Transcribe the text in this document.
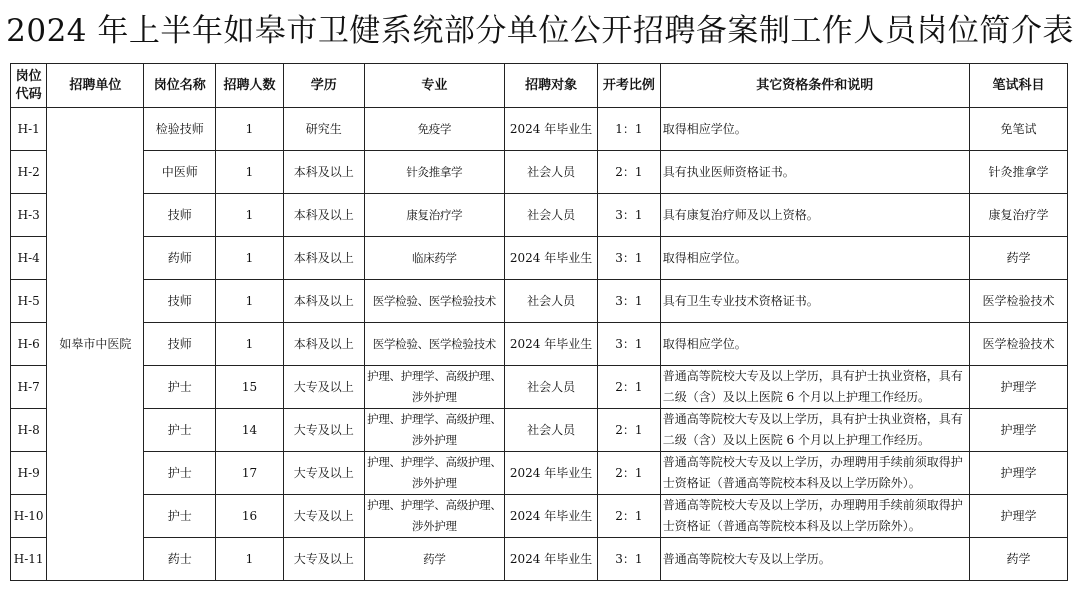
2024 年上半年如皋市卫健系统部分单位公开招聘备案制工作人员岗位简介表
岗位代码	招聘单位	岗位名称	招聘人数	学历	专业	招聘对象	开考比例	其它资格条件和说明	笔试科目
H-1	如皋市中医院	检验技师	1	研究生	免疫学	2024 年毕业生	1：1	取得相应学位。	免笔试
H-2		中医师	1	本科及以上	针灸推拿学	社会人员	2：1	具有执业医师资格证书。	针灸推拿学
H-3		技师	1	本科及以上	康复治疗学	社会人员	3：1	具有康复治疗师及以上资格。	康复治疗学
H-4		药师	1	本科及以上	临床药学	2024 年毕业生	3：1	取得相应学位。	药学
H-5		技师	1	本科及以上	医学检验、医学检验技术	社会人员	3：1	具有卫生专业技术资格证书。	医学检验技术
H-6		技师	1	本科及以上	医学检验、医学检验技术	2024 年毕业生	3：1	取得相应学位。	医学检验技术
H-7		护士	15	大专及以上	护理、护理学、高级护理、涉外护理	社会人员	2：1	普通高等院校大专及以上学历，具有护士执业资格，具有二级（含）及以上医院 6 个月以上护理工作经历。	护理学
H-8		护士	14	大专及以上	护理、护理学、高级护理、涉外护理	社会人员	2：1	普通高等院校大专及以上学历，具有护士执业资格，具有二级（含）及以上医院 6 个月以上护理工作经历。	护理学
H-9		护士	17	大专及以上	护理、护理学、高级护理、涉外护理	2024 年毕业生	2：1	普通高等院校大专及以上学历，办理聘用手续前须取得护士资格证（普通高等院校本科及以上学历除外）。	护理学
H-10		护士	16	大专及以上	护理、护理学、高级护理、涉外护理	2024 年毕业生	2：1	普通高等院校大专及以上学历，办理聘用手续前须取得护士资格证（普通高等院校本科及以上学历除外）。	护理学
H-11		药士	1	大专及以上	药学	2024 年毕业生	3：1	普通高等院校大专及以上学历。	药学
